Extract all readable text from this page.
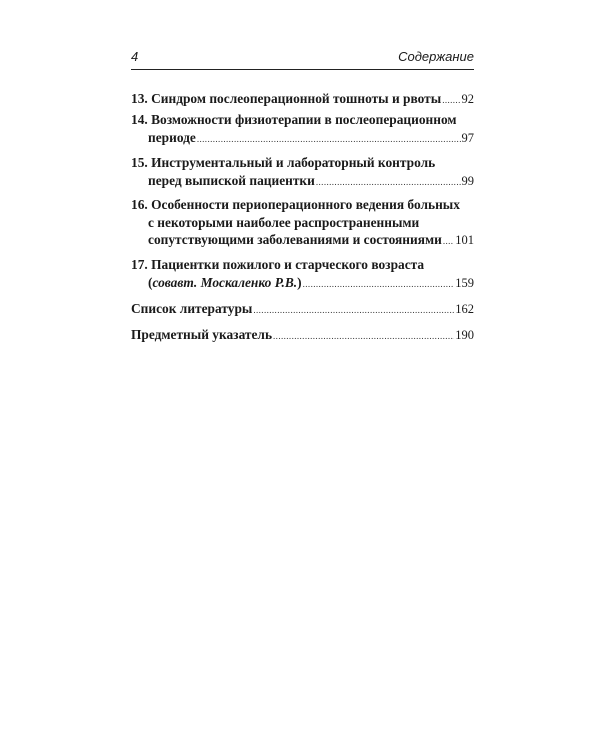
4	Содержание
13. Синдром послеоперационной тошноты и рвоты ..... 92
14. Возможности физиотерапии в послеоперационном
периоде .....	97
15. Инструментальный и лабораторный контроль
перед выпиской пациентки .....	99
16. Особенности периоперационного ведения больных
с некоторыми наиболее распространенными
сопутствующими заболеваниями и состояниями ..... 101
17. Пациентки пожилого и старческого возраста
(совавт. Москаленко Р.В.) .....	159
Список литературы .....	162
Предметный указатель .....	190
